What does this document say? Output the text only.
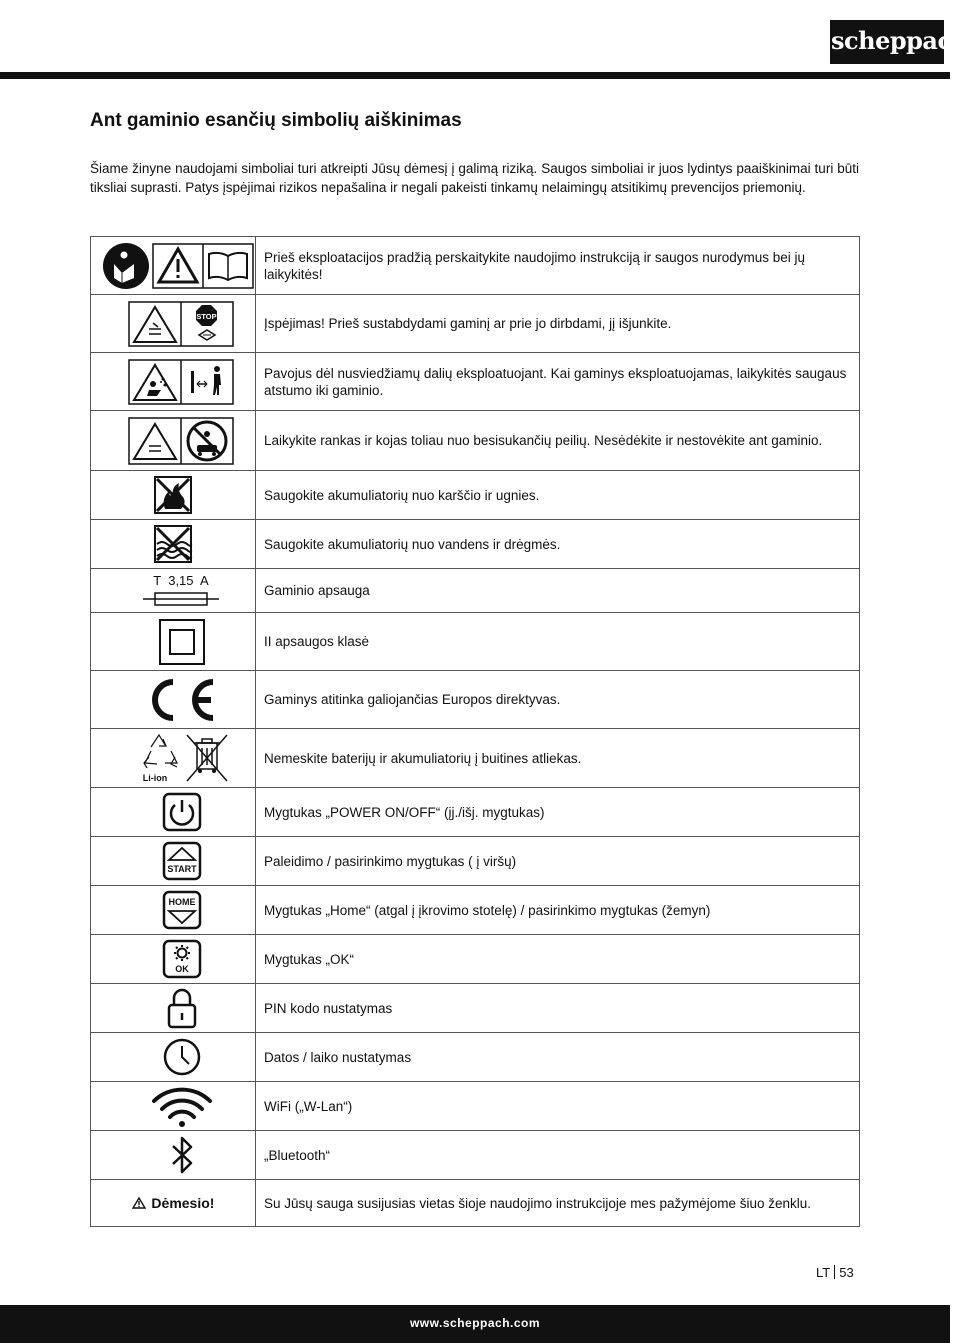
scheppach
Ant gaminio esančių simbolių aiškinimas

Šiame žinyne naudojami simboliai turi atkreipti Jūsų dėmesį į galimą riziką. Saugos simboliai ir juos lydintys paaiškinimai turi būti tiksliai suprasti. Patys įspėjimai rizikos nepašalina ir negali pakeisti tinkamų nelaimingų atsitikimų prevencijos priemonių.

	Prieš eksploatacijos pradžią perskaitykite naudojimo instrukciją ir saugos nurodymus bei jų laikykitės!

STOP	Įspėjimas! Prieš sustabdydami gaminį ar prie jo dirbdami, jį išjunkite.

	Pavojus dėl nusviedžiamų dalių eksploatuojant. Kai gaminys eksploatuojamas, laikykitės saugaus atstumo iki gaminio.

	Laikykite rankas ir kojas toliau nuo besisukančių peilių. Nesėdėkite ir nestovėkite ant gaminio.

	Saugokite akumuliatorių nuo karščio ir ugnies.

	Saugokite akumuliatorių nuo vandens ir drėgmės.

T  3,15  A	Gaminio apsauga

	II apsaugos klasė

	Gaminys atitinka galiojančias Europos direktyvas.

Li-ion	Nemeskite baterijų ir akumuliatorių į buitines atliekas.

	Mygtukas „POWER ON/OFF“ (įj./išj. mygtukas)

START	Paleidimo / pasirinkimo mygtukas ( į viršų)

HOME	Mygtukas „Home“ (atgal į įkrovimo stotelę) / pasirinkimo mygtukas (žemyn)

OK	Mygtukas „OK“

	PIN kodo nustatymas

	Datos / laiko nustatymas

	WiFi („W-Lan“)

	„Bluetooth“
Dėmesio!	Su Jūsų sauga susijusias vietas šioje naudojimo instrukcijoje mes pažymėjome šiuo ženklu.
LT 53
www.scheppach.com
